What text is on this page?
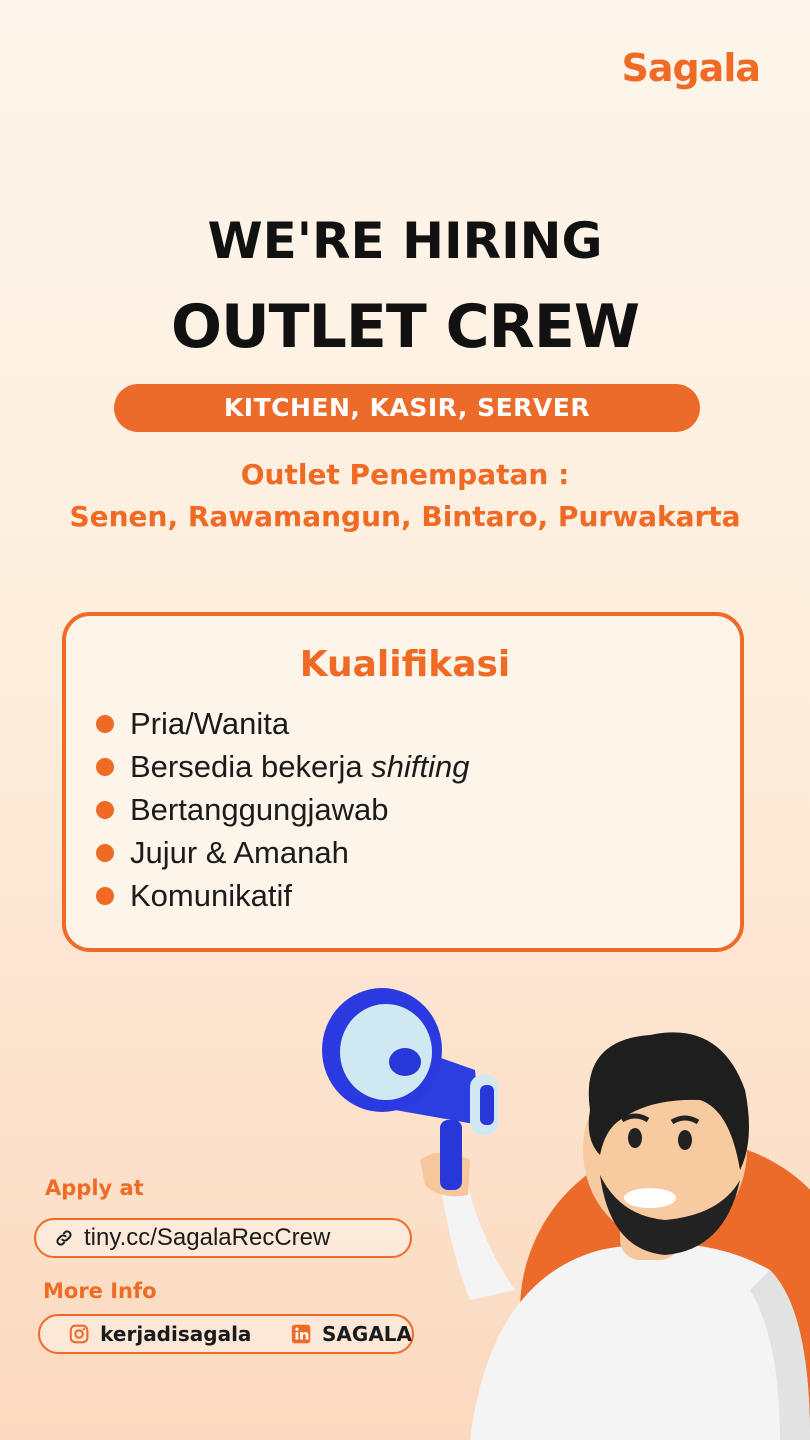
Sagala
WE'RE HIRING
OUTLET CREW
KITCHEN, KASIR, SERVER
Outlet Penempatan :
Senen, Rawamangun, Bintaro, Purwakarta
Kualifikasi
Pria/Wanita
Bersedia bekerja shifting
Bertanggungjawab
Jujur & Amanah
Komunikatif
Apply at
tiny.cc/SagalaRecCrew
More Info
kerjadisagala	SAGALA
